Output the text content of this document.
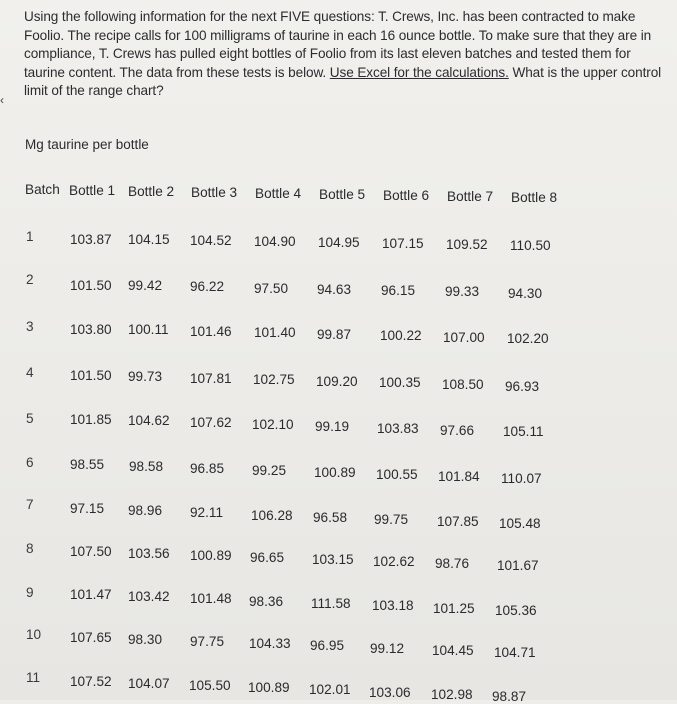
‹

Using the following information for the next FIVE questions: T. Crews, Inc. has been contracted to make Foolio. The recipe calls for 100 milligrams of taurine in each 16 ounce bottle. To make sure that they are in compliance, T. Crews has pulled eight bottles of Foolio from its last eleven batches and tested them for taurine content. The data from these tests is below. Use Excel for the calculations. What is the upper control limit of the range chart?

Mg taurine per bottle
Batch Bottle 1 Bottle 2 Bottle 3 Bottle 4 Bottle 5 Bottle 6 Bottle 7 Bottle 8
1	103.87 104.15 104.52 104.90 104.95 107.15 109.52 110.50
2	101.50 99.42 96.22 97.50 94.63 96.15 99.33 94.30
3	103.80 100.11 101.46 101.40 99.87 100.22 107.00 102.20
4	101.50 99.73 107.81 102.75 109.20 100.35 108.50 96.93
5	101.85 104.62 107.62 102.10 99.19 103.83 97.66 105.11
6	98.55 98.58 96.85 99.25 100.89 100.55 101.84 110.07
7	97.15 98.96 92.11 106.28 96.58 99.75 107.85 105.48
8	107.50 103.56 100.89 96.65 103.15 102.62 98.76 101.67
9	101.47 103.42 101.48 98.36 111.58 103.18 101.25 105.36
10 107.65 98.30 97.75 104.33 96.95 99.12 104.45 104.71
11 107.52 104.07 105.50 100.89 102.01 103.06 102.98 98.87
